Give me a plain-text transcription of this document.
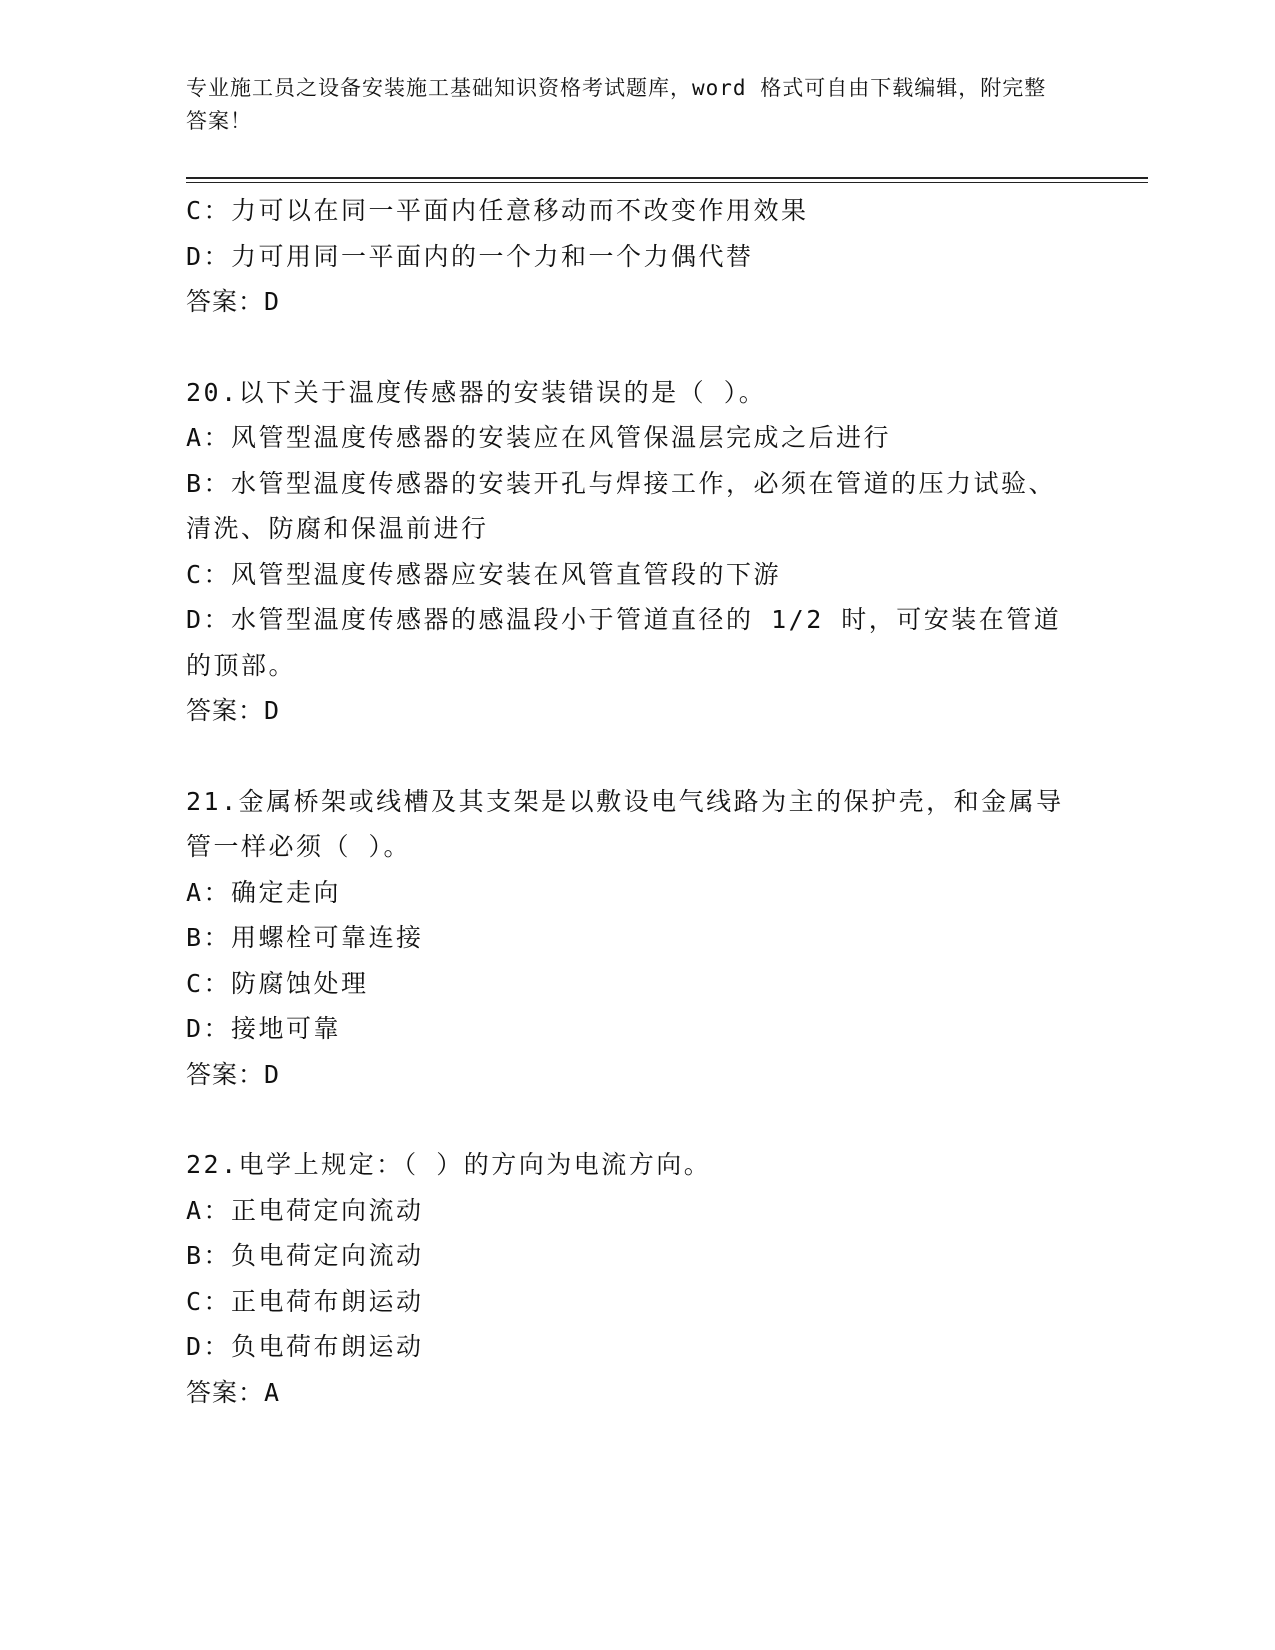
专业施工员之设备安装施工基础知识资格考试题库，word 格式可自由下载编辑，附完整答案！
C：力可以在同一平面内任意移动而不改变作用效果
D：力可用同一平面内的一个力和一个力偶代替
答案：D
20.以下关于温度传感器的安装错误的是（ ）。
A：风管型温度传感器的安装应在风管保温层完成之后进行
B：水管型温度传感器的安装开孔与焊接工作，必须在管道的压力试验、清洗、防腐和保温前进行
C：风管型温度传感器应安装在风管直管段的下游
D：水管型温度传感器的感温段小于管道直径的 1/2 时，可安装在管道的顶部。
答案：D
21.金属桥架或线槽及其支架是以敷设电气线路为主的保护壳，和金属导管一样必须（ ）。
A：确定走向
B：用螺栓可靠连接
C：防腐蚀处理
D：接地可靠
答案：D
22.电学上规定：（ ）的方向为电流方向。
A：正电荷定向流动
B：负电荷定向流动
C：正电荷布朗运动
D：负电荷布朗运动
答案：A
